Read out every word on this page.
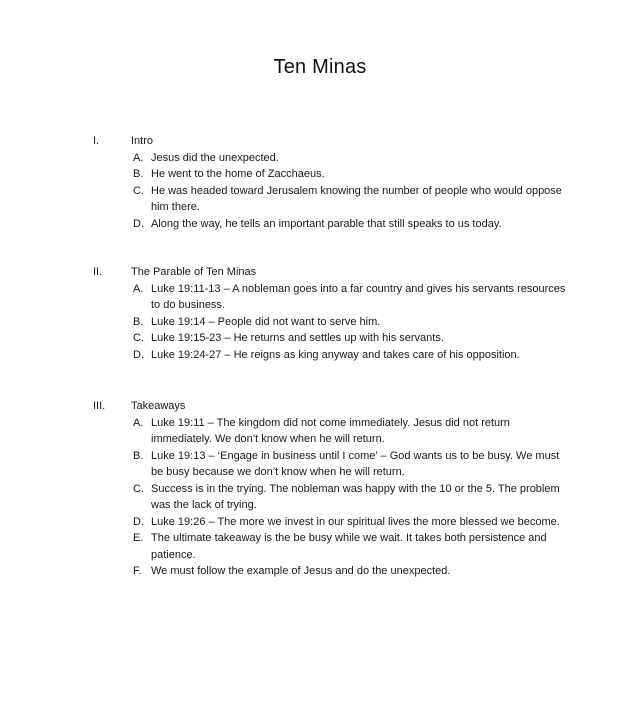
Ten Minas
I.	Intro
A. Jesus did the unexpected.
B. He went to the home of Zacchaeus.
C. He was headed toward Jerusalem knowing the number of people who would oppose him there.
D. Along the way, he tells an important parable that still speaks to us today.
II.	The Parable of Ten Minas
A. Luke 19:11-13 – A nobleman goes into a far country and gives his servants resources to do business.
B. Luke 19:14 – People did not want to serve him.
C. Luke 19:15-23 – He returns and settles up with his servants.
D. Luke 19:24-27 – He reigns as king anyway and takes care of his opposition.
III. Takeaways
A. Luke 19:11 – The kingdom did not come immediately. Jesus did not return immediately. We don’t know when he will return.
B. Luke 19:13 – ‘Engage in business until I come’ – God wants us to be busy. We must be busy because we don’t know when he will return.
C. Success is in the trying. The nobleman was happy with the 10 or the 5. The problem was the lack of trying.
D. Luke 19:26 – The more we invest in our spiritual lives the more blessed we become.
E. The ultimate takeaway is the be busy while we wait. It takes both persistence and patience.
F. We must follow the example of Jesus and do the unexpected.
